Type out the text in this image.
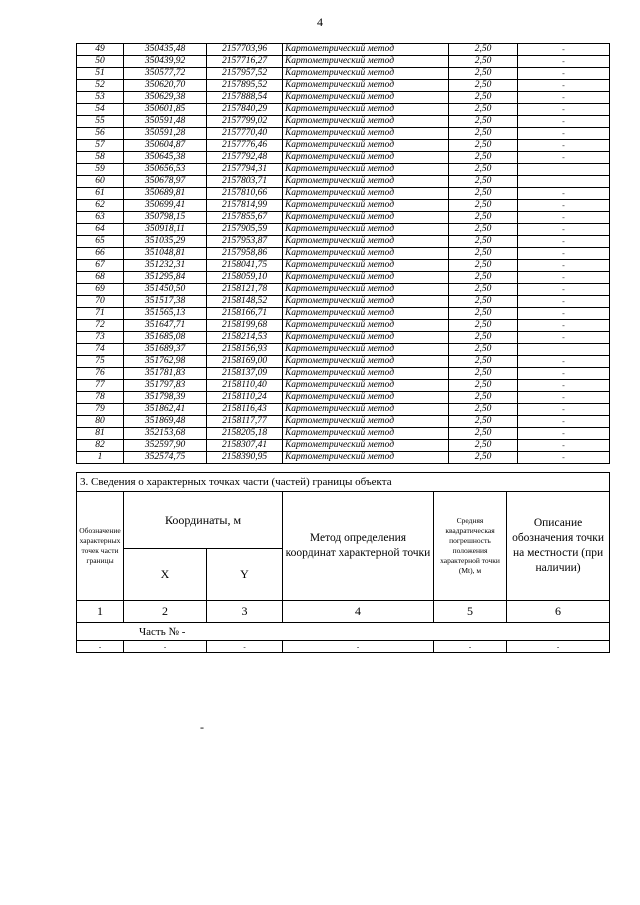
4
49	350435,48	2157703,96	Картометрический метод	2,50	-
50	350439,92	2157716,27	Картометрический метод	2,50	-
51	350577,72	2157957,52	Картометрический метод	2,50	-
52	350620,70	2157895,52	Картометрический метод	2,50	-
53	350629,38	2157888,54	Картометрический метод	2,50	-
54	350601,85	2157840,29	Картометрический метод	2,50	-
55	350591,48	2157799,02	Картометрический метод	2,50	-
56	350591,28	2157770,40	Картометрический метод	2,50	-
57	350604,87	2157776,46	Картометрический метод	2,50	-
58	350645,38	2157792,48	Картометрический метод	2,50	-
59	350656,53	2157794,31	Картометрический метод	2,50	
60	350678,97	2157803,71	Картометрический метод	2,50	
61	350689,81	2157810,66	Картометрический метод	2,50	-
62	350699,41	2157814,99	Картометрический метод	2,50	-
63	350798,15	2157855,67	Картометрический метод	2,50	-
64	350918,11	2157905,59	Картометрический метод	2,50	-
65	351035,29	2157953,87	Картометрический метод	2,50	-
66	351048,81	2157958,86	Картометрический метод	2,50	-
67	351232,31	2158041,75	Картометрический метод	2,50	-
68	351295,84	2158059,10	Картометрический метод	2,50	-
69	351450,50	2158121,78	Картометрический метод	2,50	-
70	351517,38	2158148,52	Картометрический метод	2,50	-
71	351565,13	2158166,71	Картометрический метод	2,50	-
72	351647,71	2158199,68	Картометрический метод	2,50	-
73	351685,08	2158214,53	Картометрический метод	2,50	-
74	351689,37	2158156,93	Картометрический метод	2,50	
75	351762,98	2158169,00	Картометрический метод	2,50	-
76	351781,83	2158137,09	Картометрический метод	2,50	-
77	351797,83	2158110,40	Картометрический метод	2,50	-
78	351798,39	2158110,24	Картометрический метод	2,50	-
79	351862,41	2158116,43	Картометрический метод	2,50	-
80	351869,48	2158117,77	Картометрический метод	2,50	-
81	352153,68	2158205,18	Картометрический метод	2,50	-
82	352597,90	2158307,41	Картометрический метод	2,50	-
1	352574,75	2158390,95	Картометрический метод	2,50	-
3. Сведения о характерных точках части (частей) границы объекта					
Обозначение характерных точек части границы	Координаты, м		Метод определения координат характерной точки	Средняя квадратическая погрешность положения характерной точки (Мt), м	Описание обозначения точки на местности (при наличии)
	X	Y			
1	2	3	4	5	6
Часть № -					
-	-	-	-	-	-
-
